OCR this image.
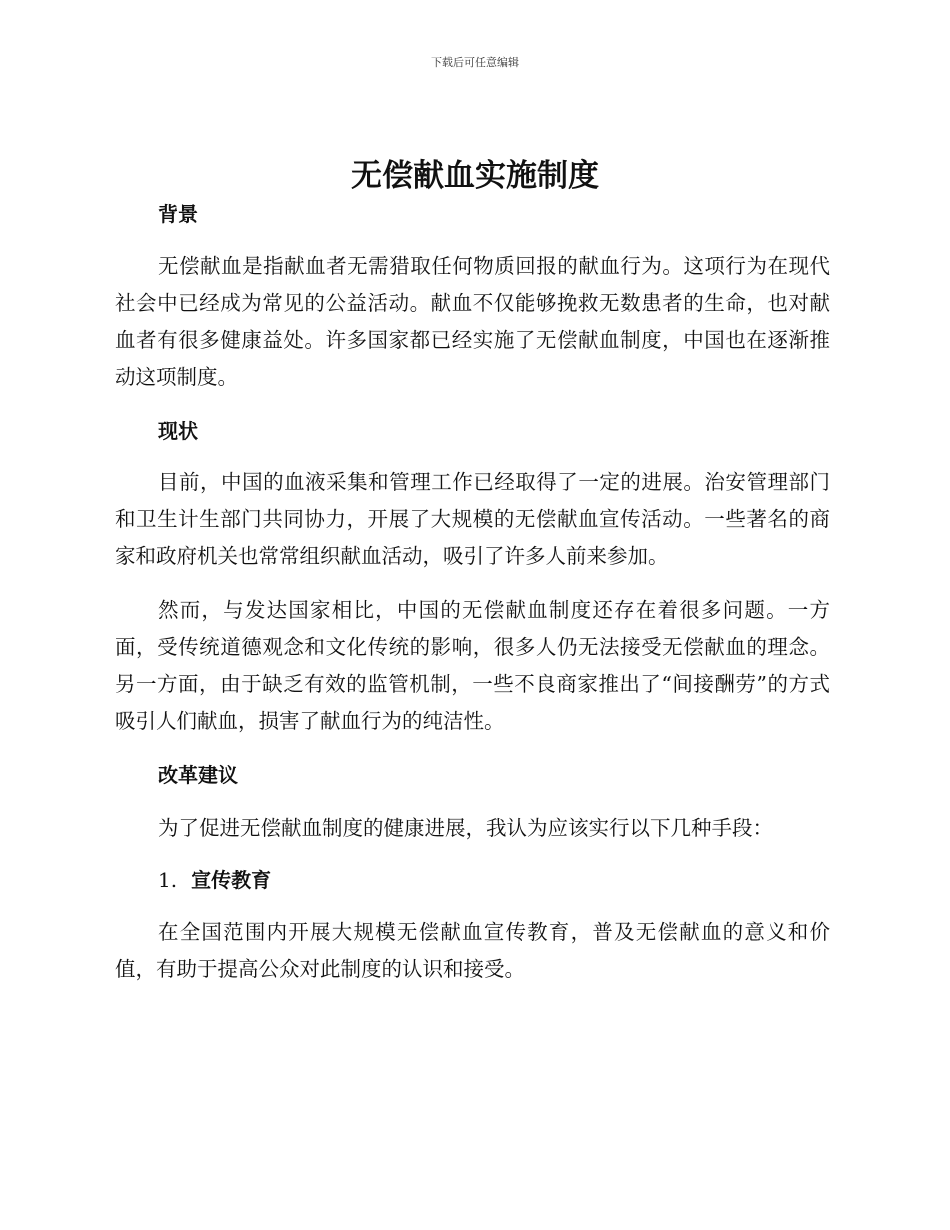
下载后可任意编辑
无偿献血实施制度
背景

无偿献血是指献血者无需猎取任何物质回报的献血行为。这项行为在现代社会中已经成为常见的公益活动。献血不仅能够挽救无数患者的生命，也对献血者有很多健康益处。许多国家都已经实施了无偿献血制度，中国也在逐渐推动这项制度。

现状

目前，中国的血液采集和管理工作已经取得了一定的进展。治安管理部门和卫生计生部门共同协力，开展了大规模的无偿献血宣传活动。一些著名的商家和政府机关也常常组织献血活动，吸引了许多人前来参加。

然而，与发达国家相比，中国的无偿献血制度还存在着很多问题。一方面，受传统道德观念和文化传统的影响，很多人仍无法接受无偿献血的理念。另一方面，由于缺乏有效的监管机制，一些不良商家推出了“间接酬劳”的方式吸引人们献血，损害了献血行为的纯洁性。

改革建议

为了促进无偿献血制度的健康进展，我认为应该实行以下几种手段：

1. 宣传教育

在全国范围内开展大规模无偿献血宣传教育，普及无偿献血的意义和价值，有助于提高公众对此制度的认识和接受。
